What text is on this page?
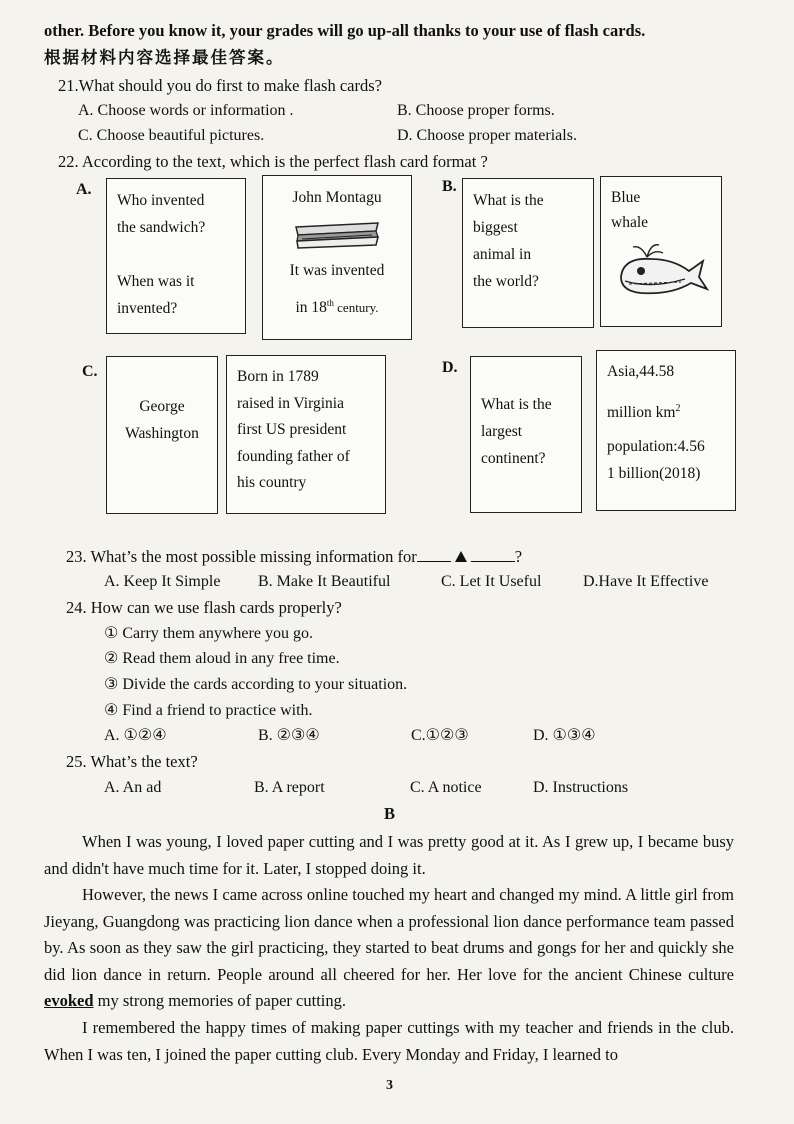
other. Before you know it, your grades will go up-all thanks to your use of flash cards.
根据材料内容选择最佳答案。
21.What should you do first to make flash cards?
A. Choose words or information .	B. Choose proper forms.
C. Choose beautiful pictures.	D. Choose proper materials.
22. According to the text, which is the perfect flash card format ?
A.
Who invented
the sandwich?
When was it
invented?
John Montagu
It was invented
in 18th century.
B.
What is the
biggest
animal in
the world?
Blue
whale
C.
George
Washington
Born in 1789
raised in Virginia
first US president
founding father of
his country
D.
What is the
largest
continent?
Asia,44.58
million $km^2$
population:4.56
1 billion(2018)
23. What’s the most possible missing information for	?
A. Keep It Simple B. Make It Beautiful	C. Let It Useful	D.Have It Effective
24. How can we use flash cards properly?
① Carry them anywhere you go.
② Read them aloud in any free time.
③ Divide the cards according to your situation.
④ Find a friend to practice with.
A. ①②④	B. ②③④	C.①②③	D. ①③④
25. What’s the text?
A. An ad	B. A report	C. A notice	D. Instructions
B
When I was young, I loved paper cutting and I was pretty good at it. As I grew up, I became busy and didn't have much time for it. Later, I stopped doing it.
However, the news I came across online touched my heart and changed my mind. A little girl from Jieyang, Guangdong was practicing lion dance when a professional lion dance performance team passed by. As soon as they saw the girl practicing, they started to beat drums and gongs for her and quickly she did lion dance in return. People around all cheered for her. Her love for the ancient Chinese culture evoked my strong memories of paper cutting.
I remembered the happy times of making paper cuttings with my teacher and friends in the club. When I was ten, I joined the paper cutting club. Every Monday and Friday, I learned to
3
